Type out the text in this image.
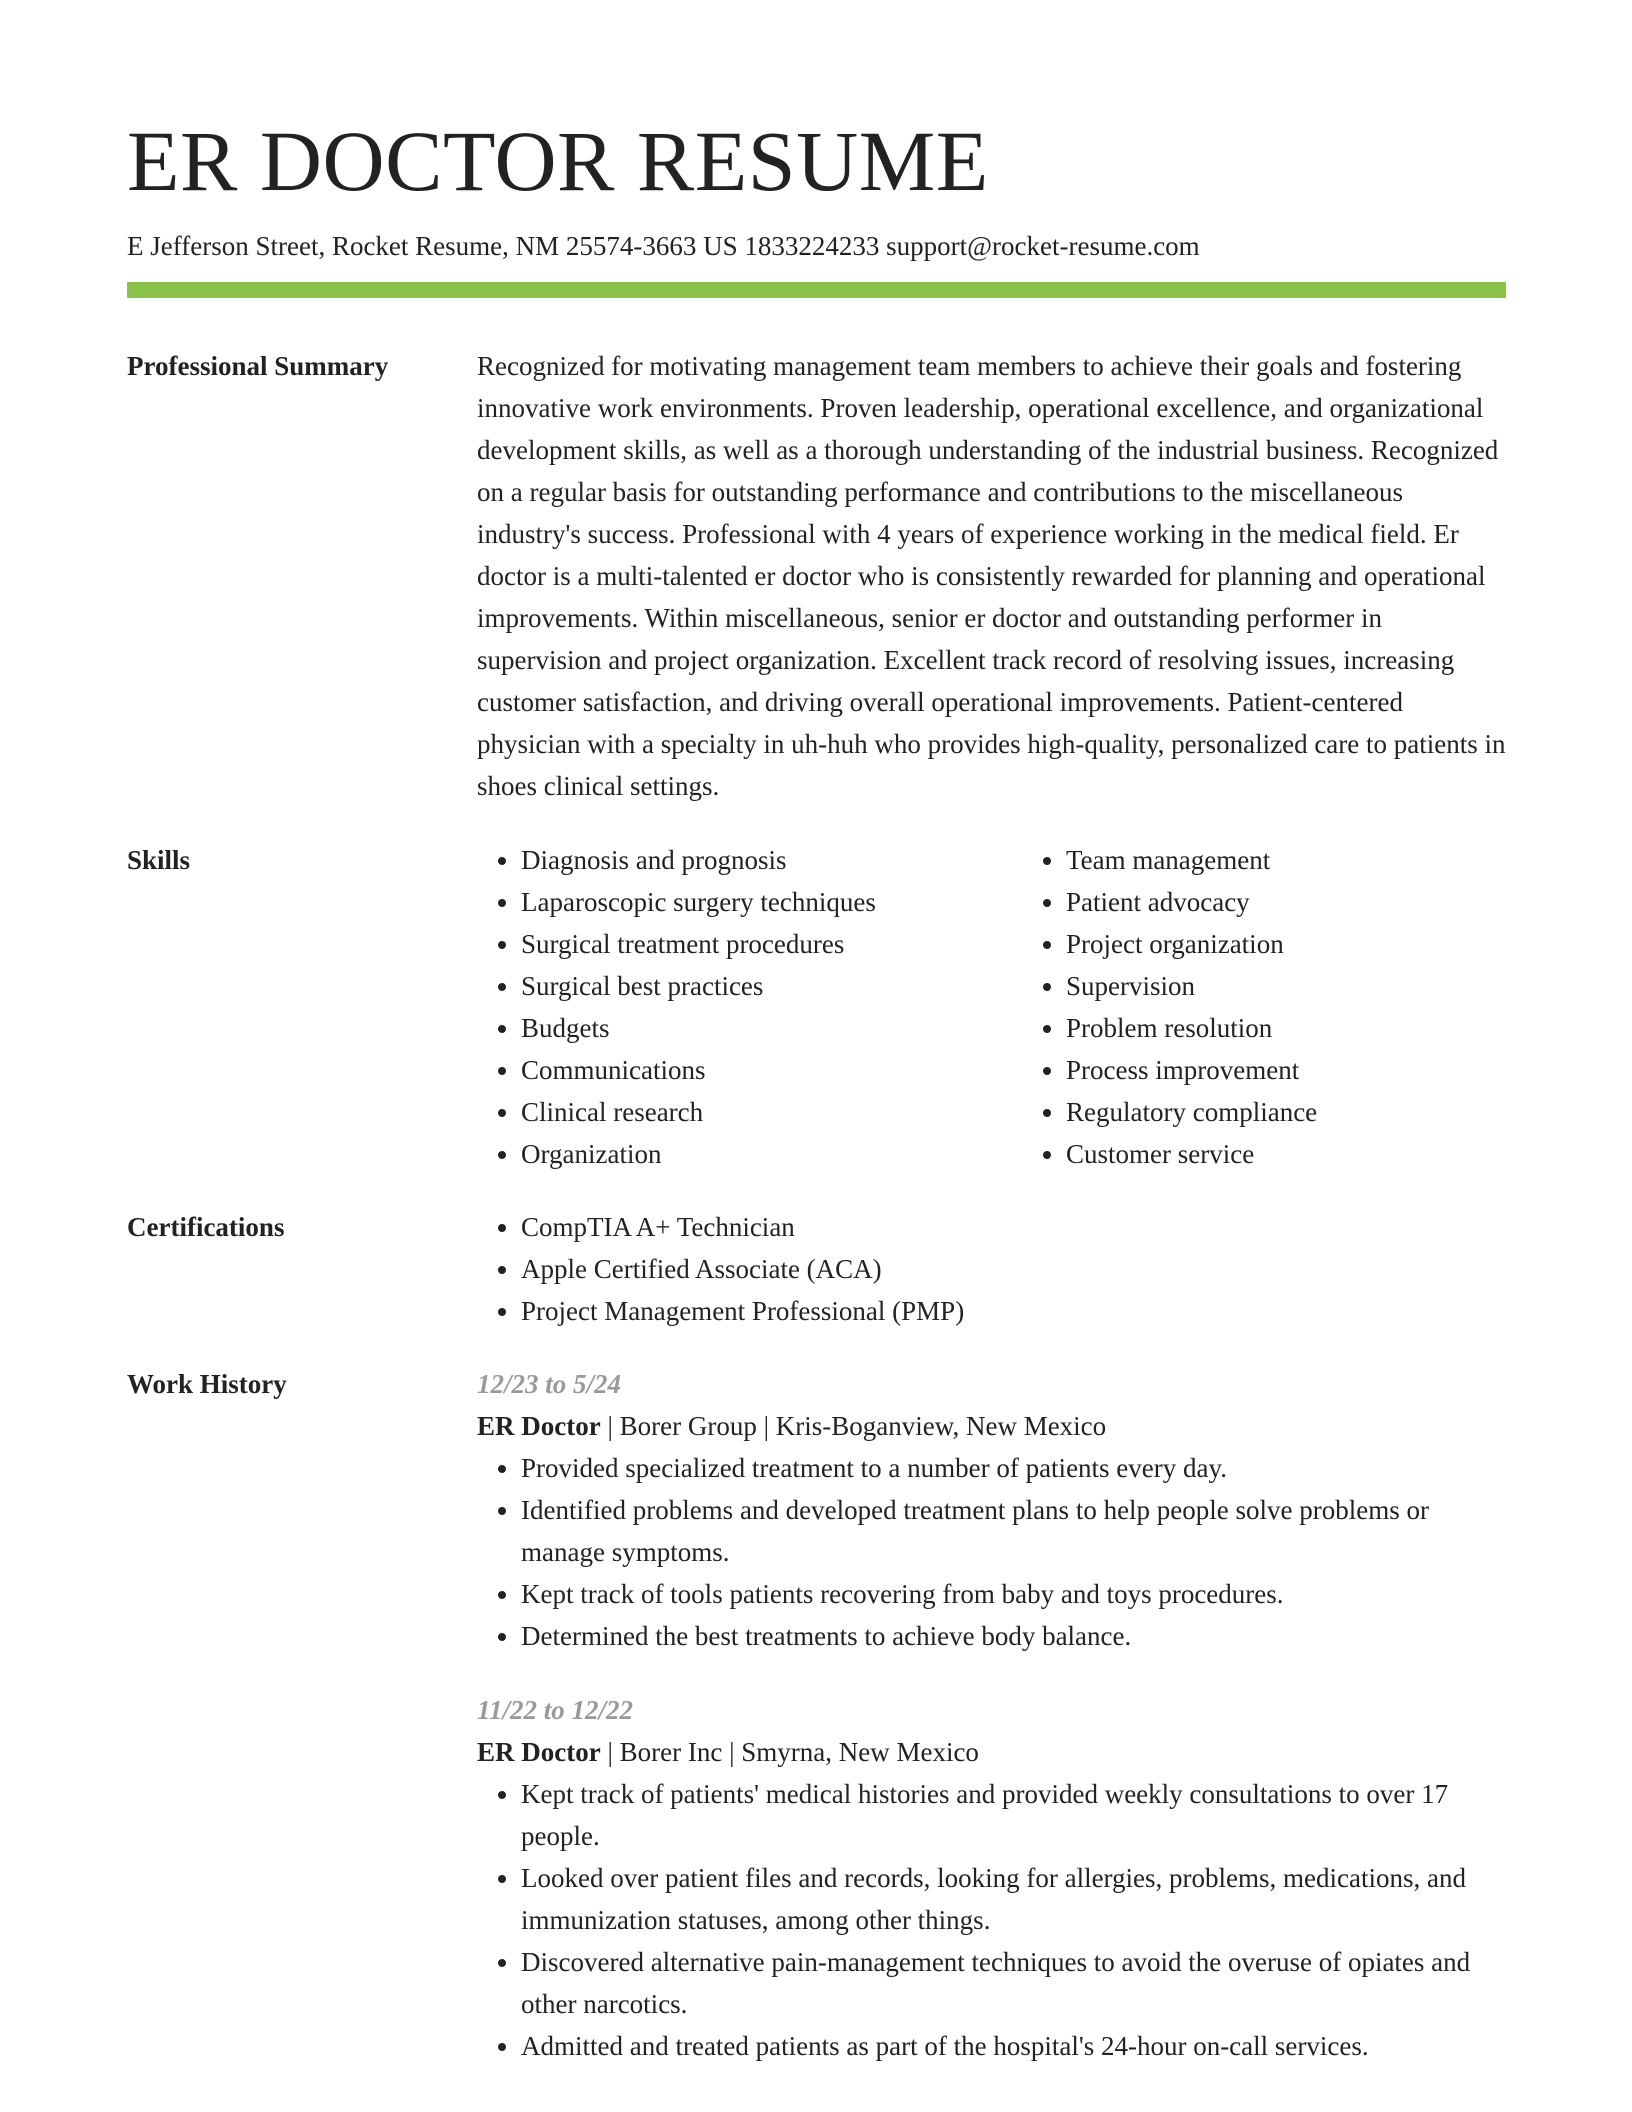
ER DOCTOR RESUME
E Jefferson Street, Rocket Resume, NM 25574-3663 US 1833224233 support@rocket-resume.com
Professional Summary	Recognized for motivating management team members to achieve their goals and fostering innovative work environments. Proven leadership, operational excellence, and organizational development skills, as well as a thorough understanding of the industrial business. Recognized on a regular basis for outstanding performance and contributions to the miscellaneous industry's success. Professional with 4 years of experience working in the medical field. Er doctor is a multi-talented er doctor who is consistently rewarded for planning and operational improvements. Within miscellaneous, senior er doctor and outstanding performer in supervision and project organization. Excellent track record of resolving issues, increasing customer satisfaction, and driving overall operational improvements. Patient-centered physician with a specialty in uh-huh who provides high-quality, personalized care to patients in shoes clinical settings.

Skills	• Diagnosis and prognosis
• Laparoscopic surgery techniques
• Surgical treatment procedures
• Surgical best practices
• Budgets
• Communications
• Clinical research
• Organization
• Team management
• Patient advocacy
• Project organization
• Supervision
• Problem resolution
• Process improvement
• Regulatory compliance
• Customer service
Certifications	• CompTIA A+ Technician
• Apple Certified Associate (ACA)
• Project Management Professional (PMP)
Work History	12/23 to 5/24
ER Doctor | Borer Group | Kris-Boganview, New Mexico
• Provided specialized treatment to a number of patients every day.
• Identified problems and developed treatment plans to help people solve problems or manage symptoms.
• Kept track of tools patients recovering from baby and toys procedures.
• Determined the best treatments to achieve body balance.
11/22 to 12/22
ER Doctor | Borer Inc | Smyrna, New Mexico
• Kept track of patients' medical histories and provided weekly consultations to over 17 people.
• Looked over patient files and records, looking for allergies, problems, medications, and immunization statuses, among other things.
• Discovered alternative pain-management techniques to avoid the overuse of opiates and other narcotics.
• Admitted and treated patients as part of the hospital's 24-hour on-call services.
